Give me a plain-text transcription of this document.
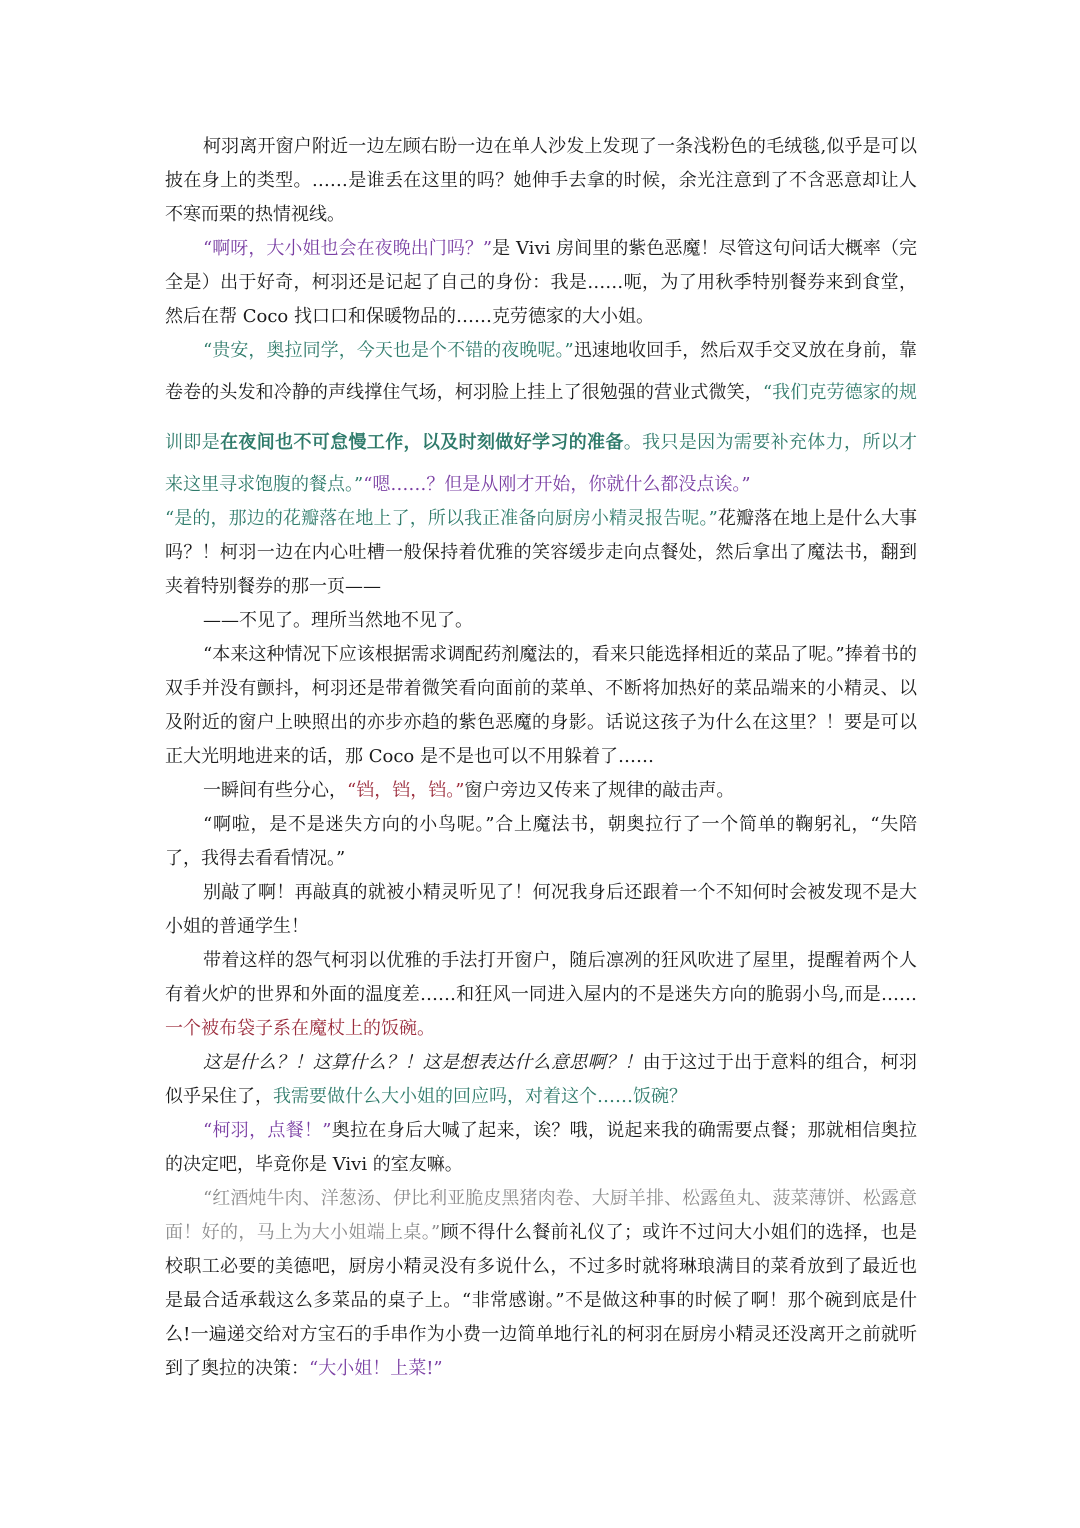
柯羽离开窗户附近一边左顾右盼一边在单人沙发上发现了一条浅粉色的毛绒毯,似乎是可以披在身上的类型。……是谁丢在这里的吗？她伸手去拿的时候，余光注意到了不含恶意却让人不寒而栗的热情视线。

“啊呀，大小姐也会在夜晚出门吗？”是 Vivi 房间里的紫色恶魔！尽管这句问话大概率（完全是）出于好奇，柯羽还是记起了自己的身份：我是……呃，为了用秋季特别餐券来到食堂，然后在帮 Coco 找口口和保暖物品的……克劳德家的大小姐。

“贵安，奥拉同学，今天也是个不错的夜晚呢。”迅速地收回手，然后双手交叉放在身前，靠卷卷的头发和冷静的声线撑住气场，柯羽脸上挂上了很勉强的营业式微笑，“我们克劳德家的规训即是在夜间也不可怠慢工作，以及时刻做好学习的准备。我只是因为需要补充体力，所以才来这里寻求饱腹的餐点。”“嗯……？但是从刚才开始，你就什么都没点诶。”

“是的，那边的花瓣落在地上了，所以我正准备向厨房小精灵报告呢。”花瓣落在地上是什么大事吗？！柯羽一边在内心吐槽一般保持着优雅的笑容缓步走向点餐处，然后拿出了魔法书，翻到夹着特别餐券的那一页——

——不见了。理所当然地不见了。

“本来这种情况下应该根据需求调配药剂魔法的，看来只能选择相近的菜品了呢。”捧着书的双手并没有颤抖，柯羽还是带着微笑看向面前的菜单、不断将加热好的菜品端来的小精灵、以及附近的窗户上映照出的亦步亦趋的紫色恶魔的身影。话说这孩子为什么在这里？！要是可以正大光明地进来的话，那 Coco 是不是也可以不用躲着了……

一瞬间有些分心，“铛，铛，铛。”窗户旁边又传来了规律的敲击声。

“啊啦，是不是迷失方向的小鸟呢。”合上魔法书，朝奥拉行了一个简单的鞠躬礼，“失陪了，我得去看看情况。”

别敲了啊！再敲真的就被小精灵听见了！何况我身后还跟着一个不知何时会被发现不是大小姐的普通学生！

带着这样的怨气柯羽以优雅的手法打开窗户，随后凛冽的狂风吹进了屋里，提醒着两个人有着火炉的世界和外面的温度差……和狂风一同进入屋内的不是迷失方向的脆弱小鸟,而是……一个被布袋子系在魔杖上的饭碗。

这是什么？！这算什么？！这是想表达什么意思啊？！由于这过于出于意料的组合，柯羽似乎呆住了，我需要做什么大小姐的回应吗，对着这个……饭碗？

“柯羽，点餐！”奥拉在身后大喊了起来，诶？哦，说起来我的确需要点餐；那就相信奥拉的决定吧，毕竟你是 Vivi 的室友嘛。

“红酒炖牛肉、洋葱汤、伊比利亚脆皮黑猪肉卷、大厨羊排、松露鱼丸、菠菜薄饼、松露意面！好的，马上为大小姐端上桌。”顾不得什么餐前礼仪了；或许不过问大小姐们的选择，也是校职工必要的美德吧，厨房小精灵没有多说什么，不过多时就将琳琅满目的菜肴放到了最近也是最合适承载这么多菜品的桌子上。“非常感谢。”不是做这种事的时候了啊！那个碗到底是什么!一遍递交给对方宝石的手串作为小费一边简单地行礼的柯羽在厨房小精灵还没离开之前就听到了奥拉的决策：“大小姐！上菜!”
